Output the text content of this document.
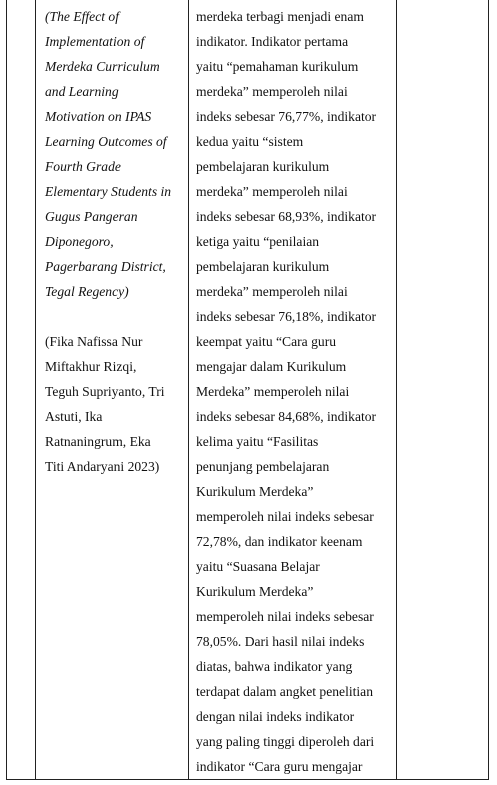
(The Effect of
Implementation of
Merdeka Curriculum
and Learning
Motivation on IPAS
Learning Outcomes of
Fourth Grade
Elementary Students in
Gugus Pangeran
Diponegoro,
Pagerbarang District,
Tegal Regency)
(Fika Nafissa Nur
Miftakhur Rizqi,
Teguh Supriyanto, Tri
Astuti, Ika
Ratnaningrum, Eka
Titi Andaryani 2023)

merdeka terbagi menjadi enam
indikator. Indikator pertama
yaitu “pemahaman kurikulum
merdeka” memperoleh nilai
indeks sebesar 76,77%, indikator
kedua yaitu “sistem
pembelajaran kurikulum
merdeka” memperoleh nilai
indeks sebesar 68,93%, indikator
ketiga yaitu “penilaian
pembelajaran kurikulum
merdeka” memperoleh nilai
indeks sebesar 76,18%, indikator
keempat yaitu “Cara guru
mengajar dalam Kurikulum
Merdeka” memperoleh nilai
indeks sebesar 84,68%, indikator
kelima yaitu “Fasilitas
penunjang pembelajaran
Kurikulum Merdeka”
memperoleh nilai indeks sebesar
72,78%, dan indikator keenam
yaitu “Suasana Belajar
Kurikulum Merdeka”
memperoleh nilai indeks sebesar
78,05%. Dari hasil nilai indeks
diatas, bahwa indikator yang
terdapat dalam angket penelitian
dengan nilai indeks indikator
yang paling tinggi diperoleh dari
indikator “Cara guru mengajar
